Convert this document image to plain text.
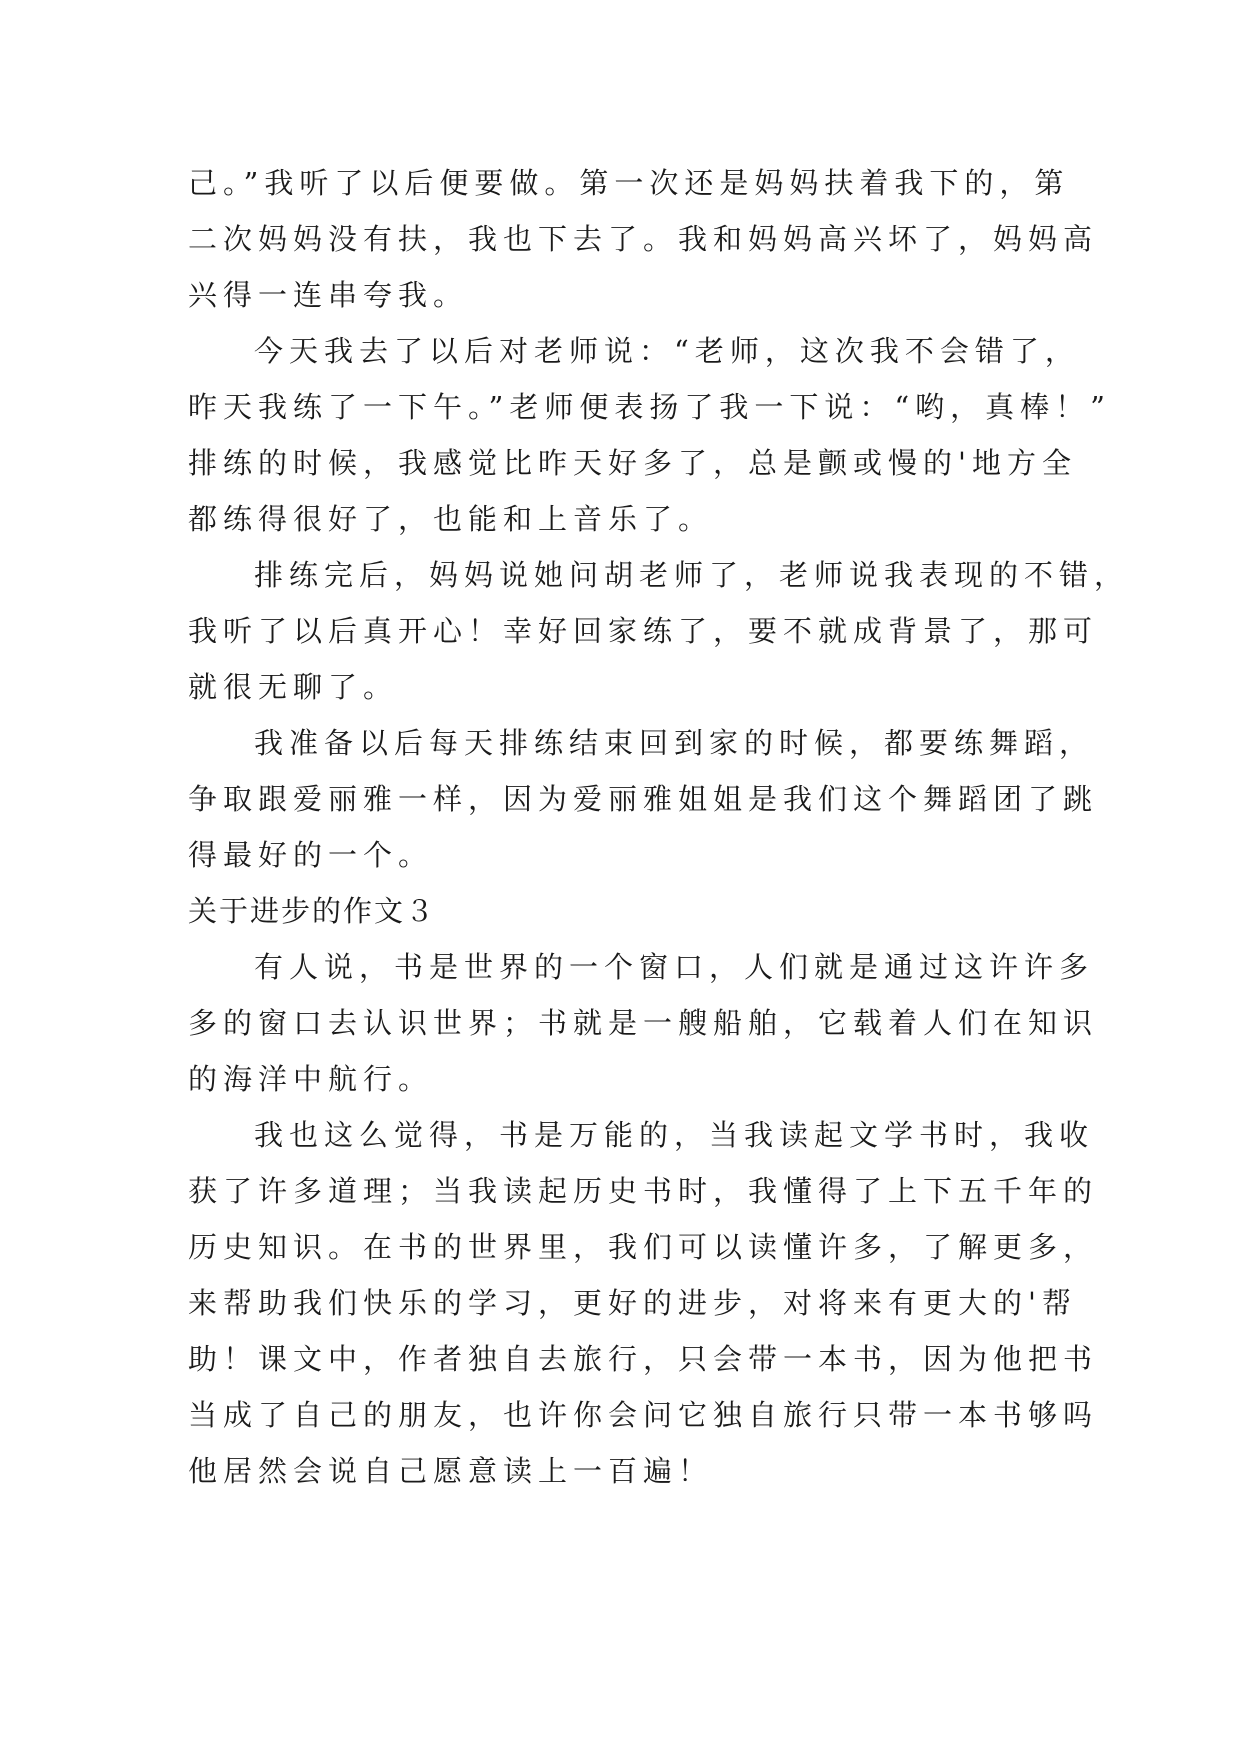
己。”我听了以后便要做。第一次还是妈妈扶着我下的，第
二次妈妈没有扶，我也下去了。我和妈妈高兴坏了，妈妈高
兴得一连串夸我。
今天我去了以后对老师说：“老师，这次我不会错了，
昨天我练了一下午。”老师便表扬了我一下说：“哟，真棒！”
排练的时候，我感觉比昨天好多了，总是颤或慢的'地方全
都练得很好了，也能和上音乐了。
排练完后，妈妈说她问胡老师了，老师说我表现的不错，
我听了以后真开心！幸好回家练了，要不就成背景了，那可
就很无聊了。
我准备以后每天排练结束回到家的时候，都要练舞蹈，
争取跟爱丽雅一样，因为爱丽雅姐姐是我们这个舞蹈团了跳
得最好的一个。
关于进步的作文３
有人说，书是世界的一个窗口，人们就是通过这许许多
多的窗口去认识世界；书就是一艘船舶，它载着人们在知识
的海洋中航行。
我也这么觉得，书是万能的，当我读起文学书时，我收
获了许多道理；当我读起历史书时，我懂得了上下五千年的
历史知识。在书的世界里，我们可以读懂许多，了解更多，
来帮助我们快乐的学习，更好的进步，对将来有更大的'帮
助！课文中，作者独自去旅行，只会带一本书，因为他把书
当成了自己的朋友，也许你会问它独自旅行只带一本书够吗
他居然会说自己愿意读上一百遍！
